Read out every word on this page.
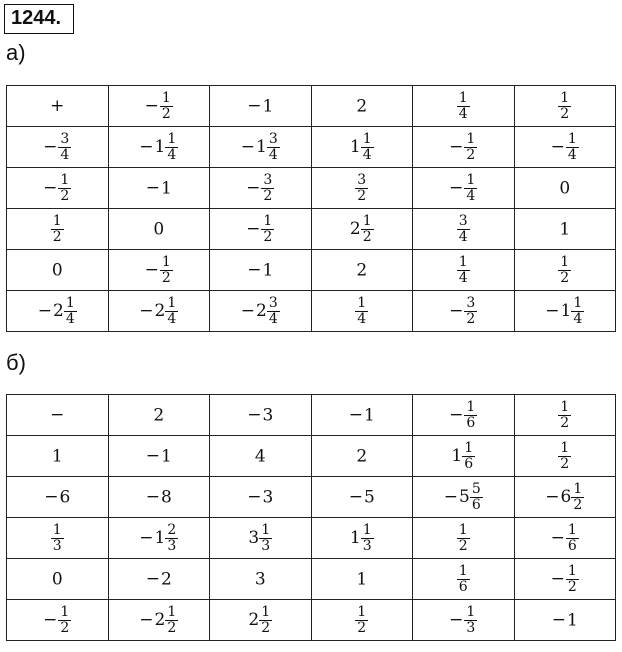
1244.
а)
+	− $\frac{1}{2}$	−1	2	$\frac{1}{4}$	$\frac{1}{2}$

− $\frac{3}{4}$	$-1 \frac{1}{4}$	$-1 \frac{3}{4}$	$1 \frac{1}{4}$	− $\frac{1}{2}$	− $\frac{1}{4}$

− $\frac{1}{2}$	−1	− $\frac{3}{2}$	$\frac{3}{2}$	− $\frac{1}{4}$	0

$\frac{1}{2}$	0	− $\frac{1}{2}$	$2 \frac{1}{2}$	$\frac{3}{4}$	1
0	− $\frac{1}{2}$	−1	2	$\frac{1}{4}$	$\frac{1}{2}$

$-2 \frac{1}{4}$	$-2 \frac{1}{4}$	$-2 \frac{3}{4}$	$\frac{1}{4}$	− $\frac{3}{2}$	$-1 \frac{1}{4}$
б)
−	2	−3	−1	− $\frac{1}{6}$	$\frac{1}{2}$

1	−1	4	2	$1 \frac{1}{6}$	$\frac{1}{2}$

−6	−8	−3	−5	$-5 \frac{5}{6}$	$-6 \frac{1}{2}$

$\frac{1}{3}$	$-1 \frac{2}{3}$	$3 \frac{1}{3}$	$1 \frac{1}{3}$	$\frac{1}{2}$	− $\frac{1}{6}$

0	−2	3	1	$\frac{1}{6}$	− $\frac{1}{2}$

− $\frac{1}{2}$	$-2 \frac{1}{2}$	$2 \frac{1}{2}$	$\frac{1}{2}$	− $\frac{1}{3}$	−1
